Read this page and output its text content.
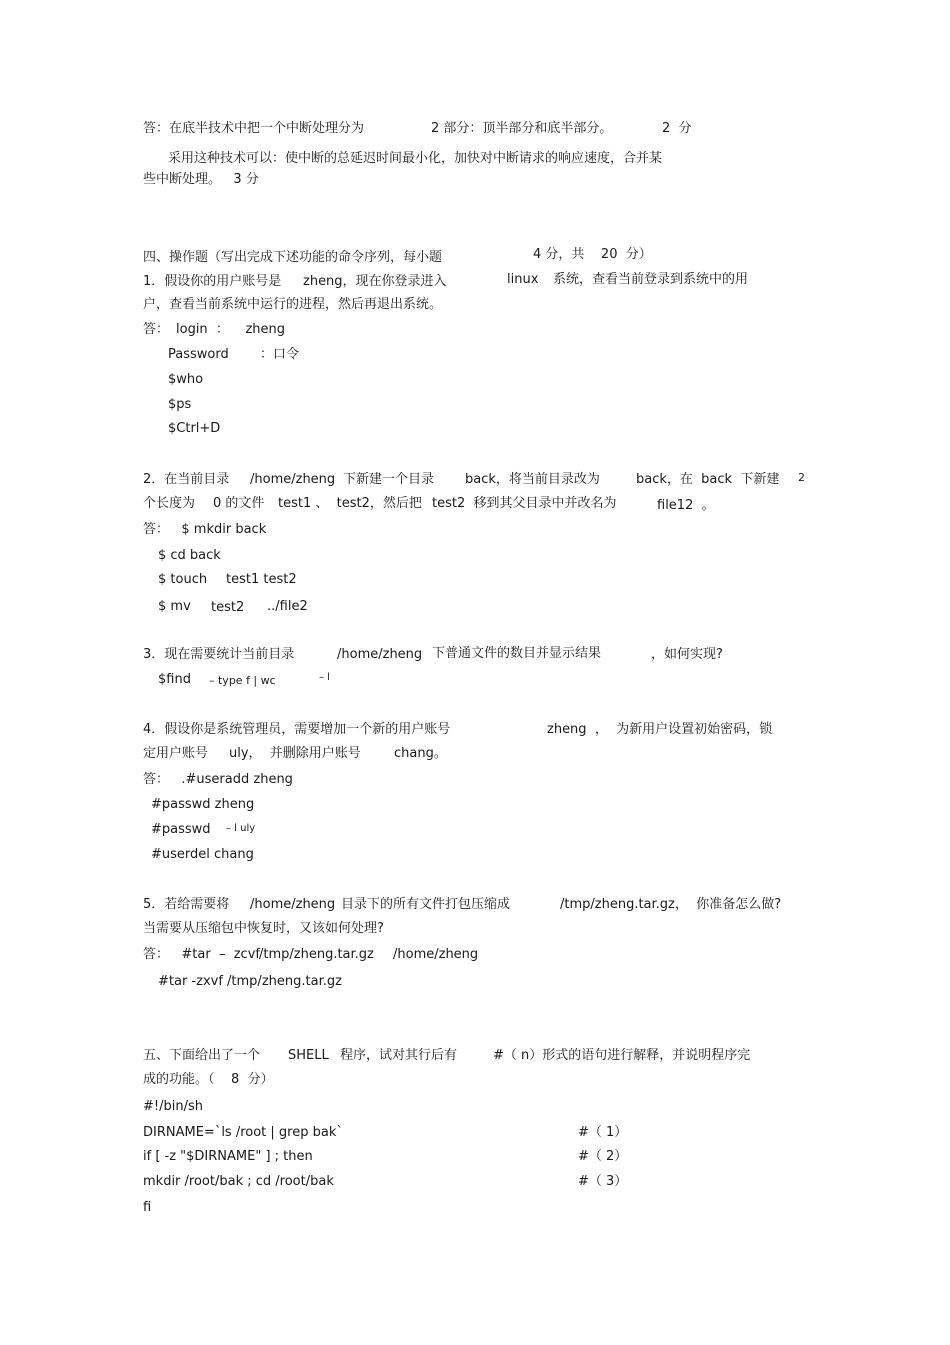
答：在底半技术中把一个中断处理分为	2 部分：顶半部分和底半部分。	2  分
采用这种技术可以：使中断的总延迟时间最小化，加快对中断请求的响应速度，合并某
些中断处理。   3 分
四、操作题（写出完成下述功能的命令序列，每小题	4 分，共    20  分）
1．假设你的用户账号是 zheng，现在你登录进入	linux 系统，查看当前登录到系统中的用
户，查看当前系统中运行的进程，然后再退出系统。
答： login  ：    zheng
Password ：口令
$who
$ps
$Ctrl+D
2．在当前目录 /home/zheng 下新建一个目录 back，将当前目录改为	back，在  back  下新建 2
个长度为 0 的文件 test1 、  test2，然后把 test2  移到其父目录中并改名为	file12  。
答：   $ mkdir back
$ cd back
$ touch test1 test2
$ mv test2 ../file2
3．现在需要统计当前目录	/home/zheng 下普通文件的数目并显示结果	，如何实现?
$find – type f | wc	– l
4．假设你是系统管理员，需要增加一个新的用户账号	zheng  ，  为新用户设置初始密码，锁
定用户账号 uly，  并删除用户账号	chang。
答：   .#useradd zheng
#passwd zheng
#passwd – l uly
#userdel chang
5．若给需要将 /home/zheng 目录下的所有文件打包压缩成	/tmp/zheng.tar.gz ，  你准备怎么做?
当需要从压缩包中恢复时，又该如何处理?
答：   #tar  –  zcvf /tmp/zheng.tar.gz /home/zheng
#tar -zxvf /tmp/zheng.tar.gz
五、下面给出了一个 SHELL 程序，试对其行后有	#（ n）形式的语句进行解释，并说明程序完
成的功能。（    8  分）
#!/bin/sh
DIRNAME=`ls /root | grep bak`	#（ 1）
if [ -z "$DIRNAME" ] ; then	#（ 2）
mkdir /root/bak ; cd /root/bak	#（ 3）
fi
